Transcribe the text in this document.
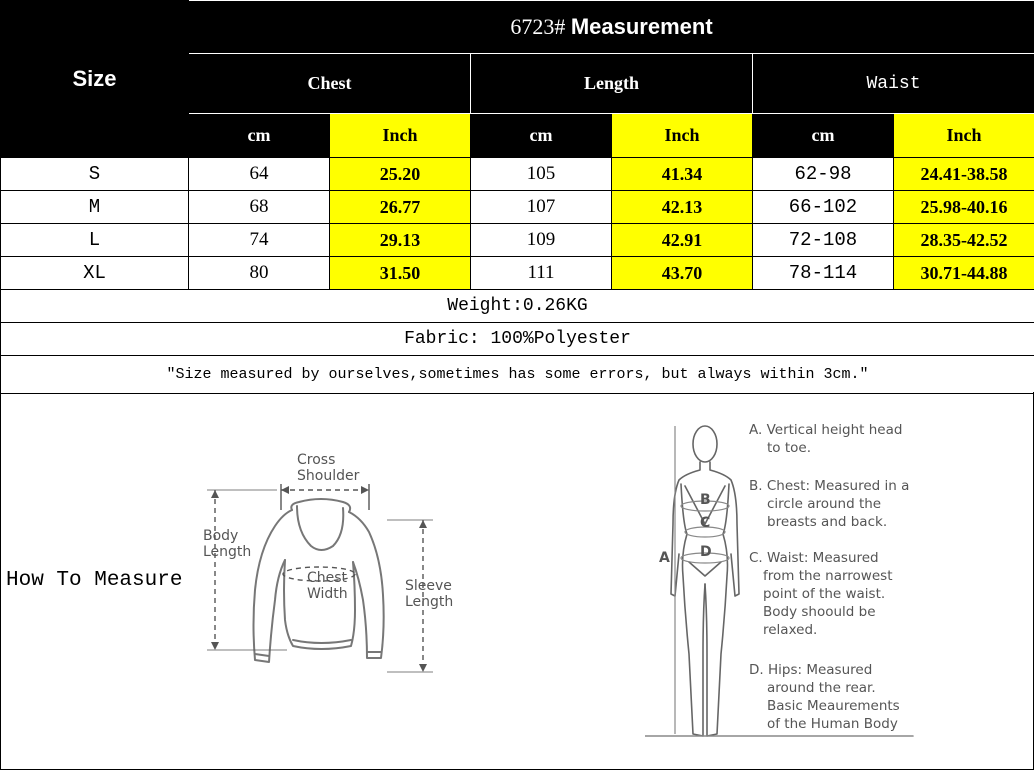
Size	6723# Measurement					
	Chest		Length		Waist	
	cm	Inch	cm	Inch	cm	Inch
S	64	25.20	105	41.34	62-98	24.41-38.58
M	68	26.77	107	42.13	66-102	25.98-40.16
L	74	29.13	109	42.91	72-108	28.35-42.52
XL	80	31.50	111	43.70	78-114	30.71-44.88
Weight:0.26KG						
Fabric: 100%Polyester						
"Size measured by ourselves,sometimes has some errors, but always within 3cm."						
How To Measure
Cross
Shoulder
Body
Length
Chest
Width	Sleeve
Length
A
B
C
D
A. Vertical height head
to toe.
B. Chest: Measured in a
circle around the
breasts and back.
C. Waist: Measured
from the narrowest
point of the waist.
Body shoould be
relaxed.
D. Hips: Measured
around the rear.
Basic Meaurements
of the Human Body
